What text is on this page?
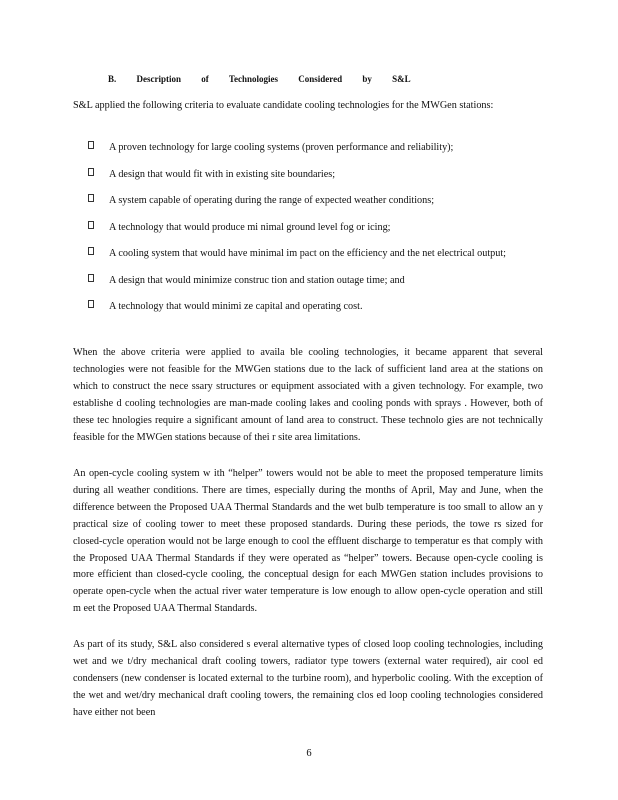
B. Description of Technologies Considered by S&L

S&L applied the following criteria to evaluate candidate cooling technologies for the MWGen stations:

A proven technology for large cooling systems (proven performance and reliability);
A design that would fit with in existing site boundaries;
A system capable of operating during the range of expected weather conditions;
A technology that would produce mi nimal ground level fog or icing;
A cooling system that would have minimal im pact on the efficiency and the net electrical output;
A design that would minimize construc tion and station outage time; and
A technology that would minimi ze capital and operating cost.

When the above criteria were applied to availa ble cooling technologies, it became apparent that several technologies were not feasible for the MWGen stations due to the lack of sufficient land area at the stations on which to construct the nece ssary structures or equipment associated with a given technology. For example, two establishe d cooling technologies are man-made cooling lakes and cooling ponds with sprays . However, both of these tec hnologies require a significant amount of land area to construct. These technolo gies are not technically feasible for the MWGen stations because of thei r site area limitations.

An open-cycle cooling system w ith “helper” towers would not be able to meet the proposed temperature limits during all weather conditions. There are times, especially during the months of April, May and June, when the difference between the Proposed UAA Thermal Standards and the wet bulb temperature is too small to allow an y practical size of cooling tower to meet these proposed standards. During these periods, the towe rs sized for closed-cycle operation would not be large enough to cool the effluent discharge to temperatur es that comply with the Proposed UAA Thermal Standards if they were operated as “helper” towers. Because open-cycle cooling is more efficient than closed-cycle cooling, the conceptual design for each MWGen station includes provisions to operate open-cycle when the actual river water temperature is low enough to allow open-cycle operation and still m eet the Proposed UAA Thermal Standards.

As part of its study, S&L also considered s everal alternative types of closed loop cooling technologies, including wet and we t/dry mechanical draft cooling towers, radiator type towers (external water required), air cool ed condensers (new condenser is located external to the turbine room), and hyperbolic cooling. With the exception of the wet and wet/dry mechanical draft cooling towers, the remaining clos ed loop cooling technologies considered have either not been

6
